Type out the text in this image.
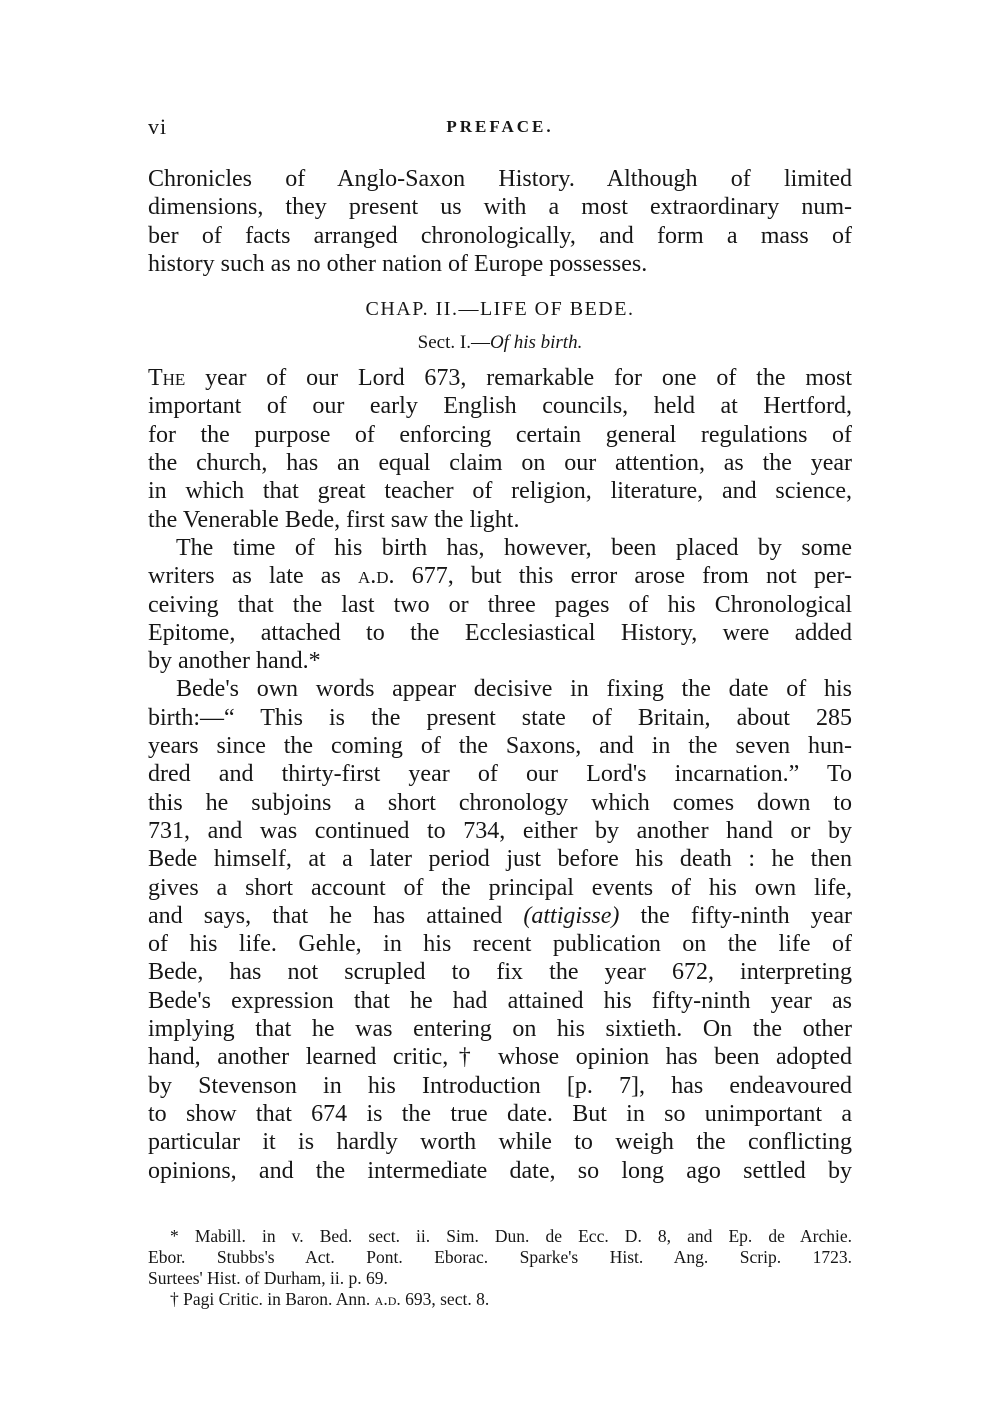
vi	PREFACE.
Chronicles of Anglo-Saxon History. Although of limited
dimensions, they present us with a most extraordinary num-
ber of facts arranged chronologically, and form a mass of
history such as no other nation of Europe possesses.
CHAP. II.—LIFE OF BEDE.
Sect. I.—Of his birth.
The year of our Lord 673, remarkable for one of the most
important of our early English councils, held at Hertford,
for the purpose of enforcing certain general regulations of
the church, has an equal claim on our attention, as the year
in which that great teacher of religion, literature, and science,
the Venerable Bede, first saw the light.
The time of his birth has, however, been placed by some
writers as late as a.d. 677, but this error arose from not per-
ceiving that the last two or three pages of his Chronological
Epitome, attached to the Ecclesiastical History, were added
by another hand.*
Bede's own words appear decisive in fixing the date of his
birth:—“ This is the present state of Britain, about 285
years since the coming of the Saxons, and in the seven hun-
dred and thirty-first year of our Lord's incarnation.” To
this he subjoins a short chronology which comes down to
731, and was continued to 734, either by another hand or by
Bede himself, at a later period just before his death : he then
gives a short account of the principal events of his own life,
and says, that he has attained (attigisse) the fifty-ninth year
of his life. Gehle, in his recent publication on the life of
Bede, has not scrupled to fix the year 672, interpreting
Bede's expression that he had attained his fifty-ninth year as
implying that he was entering on his sixtieth. On the other
hand, another learned critic,† whose opinion has been adopted
by Stevenson in his Introduction [p. 7], has endeavoured
to show that 674 is the true date. But in so unimportant a
particular it is hardly worth while to weigh the conflicting
opinions, and the intermediate date, so long ago settled by
* Mabill. in v. Bed. sect. ii. Sim. Dun. de Ecc. D. 8, and Ep. de Archie.
Ebor. Stubbs's Act. Pont. Eborac. Sparke's Hist. Ang. Scrip. 1723.
Surtees' Hist. of Durham, ii. p. 69.
† Pagi Critic. in Baron. Ann. a.d. 693, sect. 8.
